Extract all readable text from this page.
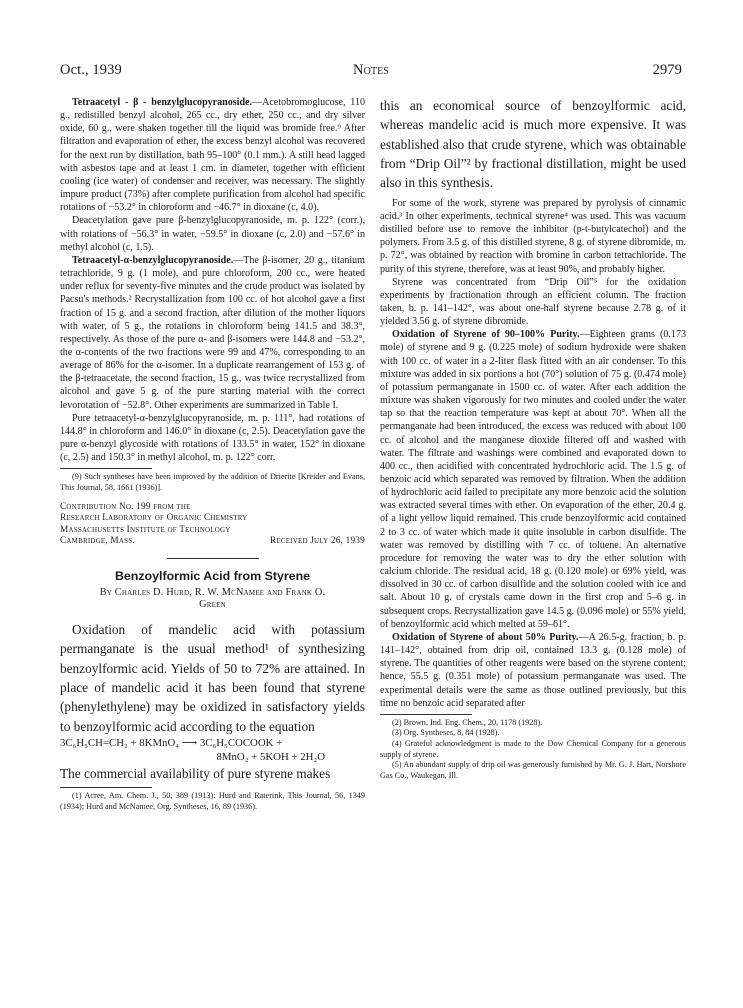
Oct., 1939	Notes	2979

Tetraacetyl - β - benzylglucopyranoside.—Acetobromoglucose, 110 g., redistilled benzyl alcohol, 265 cc., dry ether, 250 cc., and dry silver oxide, 60 g., were shaken together till the liquid was bromide free.⁹ After filtration and evaporation of ether, the excess benzyl alcohol was recovered for the next run by distillation, bath 95–100° (0.1 mm.). A still head lagged with asbestos tape and at least 1 cm. in diameter, together with efficient cooling (ice water) of condenser and receiver, was necessary. The slightly impure product (73%) after complete purification from alcohol had specific rotations of −53.2° in chloroform and −46.7° in dioxane (c, 4.0).

Deacetylation gave pure β-benzylglucopyranoside, m. p. 122° (corr.), with rotations of −56.3° in water, −59.5° in dioxane (c, 2.0) and −57.6° in methyl alcohol (c, 1.5).

Tetraacetyl-α-benzylglucopyranoside.—The β-isomer, 20 g., titanium tetrachloride, 9 g. (1 mole), and pure chloroform, 200 cc., were heated under reflux for seventy-five minutes and the crude product was isolated by Pacsu's methods.² Recrystallization from 100 cc. of hot alcohol gave a first fraction of 15 g. and a second fraction, after dilution of the mother liquors with water, of 5 g., the rotations in chloroform being 141.5 and 38.3°, respectively. As those of the pure α- and β-isomers were 144.8 and −53.2°, the α-contents of the two fractions were 99 and 47%, corresponding to an average of 86% for the α-isomer. In a duplicate rearrangement of 153 g. of the β-tetraacetate, the second fraction, 15 g., was twice recrystallized from alcohol and gave 5 g. of the pure starting material with the correct levorotation of −52.8°. Other experiments are summarized in Table I.

Pure tetraacetyl-α-benzylglucopyranoside, m. p. 111°, had rotations of 144.8° in chloroform and 146.0° in dioxane (c, 2.5). Deacetylation gave the pure α-benzyl glycoside with rotations of 133.5° in water, 152° in dioxane (c, 2.5) and 150.3° in methyl alcohol, m. p. 122° corr.

(9) Such syntheses have been improved by the addition of Drierite [Kreider and Evans, This Journal, 58, 1661 (1936)].

Contribution No. 199 from the
Research Laboratory of Organic Chemistry
Massachusetts Institute of Technology
Cambridge, Mass.	Received July 26, 1939
Benzoylformic Acid from Styrene
By Charles D. Hurd, R. W. McNamee and Frank O.
Green

Oxidation of mandelic acid with potassium permanganate is the usual method¹ of synthesizing benzoylformic acid. Yields of 50 to 72% are attained. In place of mandelic acid it has been found that styrene (phenylethylene) may be oxidized in satisfactory yields to benzoylformic acid according to the equation

3C₆H₅CH=CH₂ + 8KMnO₄ ⟶ 3C₆H₅COCOOK +
8MnO₂ + 5KOH + 2H₂O

The commercial availability of pure styrene makes

(1) Acree, Am. Chem. J., 50, 389 (1913); Hurd and Raterink, This Journal, 56, 1349 (1934); Hurd and McNamee, Org. Syntheses, 16, 89 (1936).

this an economical source of benzoylformic acid, whereas mandelic acid is much more expensive. It was established also that crude styrene, which was obtainable from “Drip Oil”² by fractional distillation, might be used also in this synthesis.

For some of the work, styrene was prepared by pyrolysis of cinnamic acid.³ In other experiments, technical styrene⁴ was used. This was vacuum distilled before use to remove the inhibitor (p-t-butylcatechol) and the polymers. From 3.5 g. of this distilled styrene, 8 g. of styrene dibromide, m. p. 72°, was obtained by reaction with bromine in carbon tetrachloride. The purity of this styrene, therefore, was at least 90%, and probably higher.

Styrene was concentrated from “Drip Oil”⁵ for the oxidation experiments by fractionation through an efficient column. The fraction taken, b. p. 141–142°, was about one-half styrene because 2.78 g. of it yielded 3.56 g. of styrene dibromide.

Oxidation of Styrene of 90–100% Purity.—Eighteen grams (0.173 mole) of styrene and 9 g. (0.225 mole) of sodium hydroxide were shaken with 100 cc. of water in a 2-liter flask fitted with an air condenser. To this mixture was added in six portions a hot (70°) solution of 75 g. (0.474 mole) of potassium permanganate in 1500 cc. of water. After each addition the mixture was shaken vigorously for two minutes and cooled under the water tap so that the reaction temperature was kept at about 70°. When all the permanganate had been introduced, the excess was reduced with about 100 cc. of alcohol and the manganese dioxide filtered off and washed with water. The filtrate and washings were combined and evaporated down to 400 cc., then acidified with concentrated hydrochloric acid. The 1.5 g. of benzoic acid which separated was removed by filtration. When the addition of hydrochloric acid failed to precipitate any more benzoic acid the solution was extracted several times with ether. On evaporation of the ether, 20.4 g. of a light yellow liquid remained. This crude benzoylformic acid contained 2 to 3 cc. of water which made it quite insoluble in carbon disulfide. The water was removed by distilling with 7 cc. of toluene. An alternative procedure for removing the water was to dry the ether solution with calcium chloride. The residual acid, 18 g. (0.120 mole) or 69% yield, was dissolved in 30 cc. of carbon disulfide and the solution cooled with ice and salt. About 10 g. of crystals came down in the first crop and 5–6 g. in subsequent crops. Recrystallization gave 14.5 g. (0.096 mole) or 55% yield, of benzoylformic acid which melted at 59–61°.

Oxidation of Styrene of about 50% Purity.—A 26.5-g. fraction, b. p. 141–142°, obtained from drip oil, contained 13.3 g. (0.128 mole) of styrene. The quantities of other reagents were based on the styrene content; hence, 55.5 g. (0.351 mole) of potassium permanganate was used. The experimental details were the same as those outlined previously, but this time no benzoic acid separated after

(2) Brown, Ind. Eng. Chem., 20, 1178 (1928).

(3) Org. Syntheses, 8, 84 (1928).

(4) Grateful acknowledgment is made to the Dow Chemical Company for a generous supply of styrene.

(5) An abundant supply of drip oil was generously furnished by Mr. G. J. Hart, Norshore Gas Co., Waukegan, Ill.
